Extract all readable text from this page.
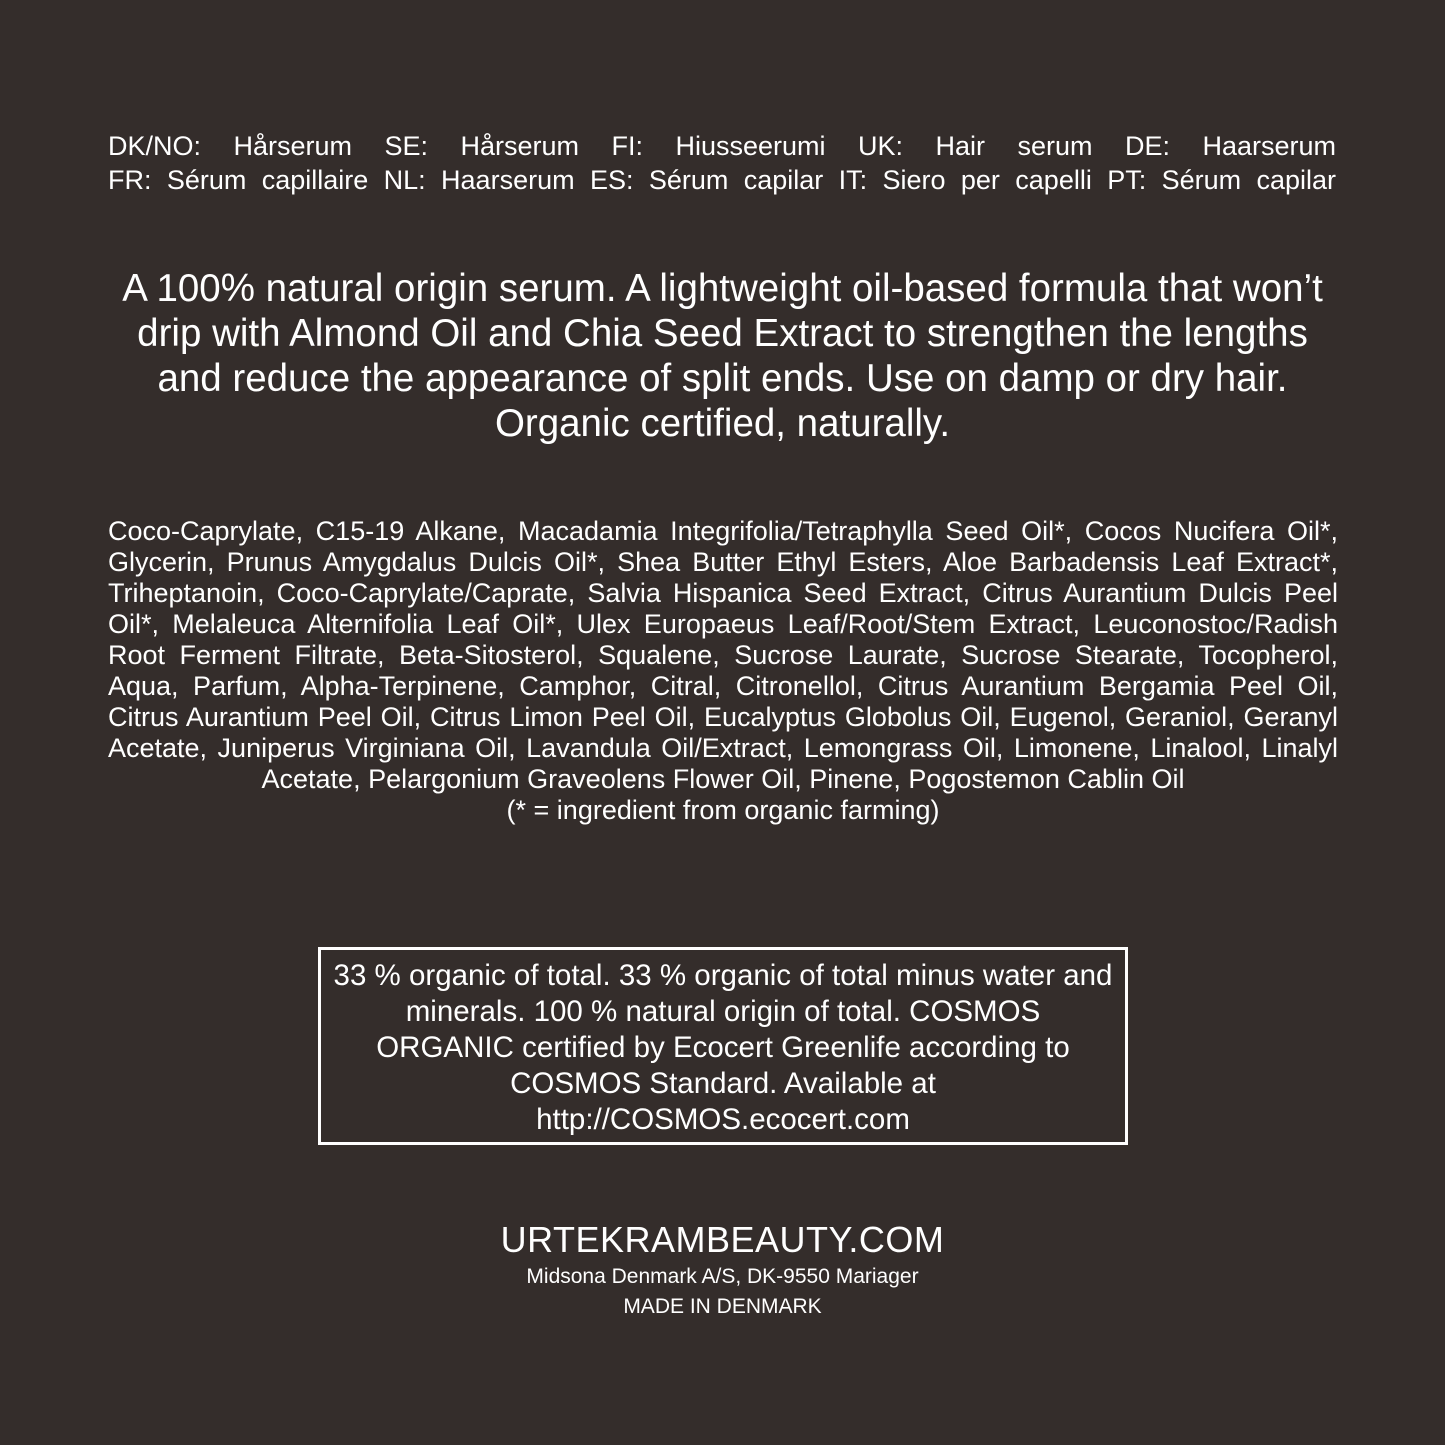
DK/NO: Hårserum SE: Hårserum FI: Hiusseerumi UK: Hair serum DE: Haarserum
FR: Sérum capillaire NL: Haarserum ES: Sérum capilar IT: Siero per capelli PT: Sérum capilar
A 100% natural origin serum. A lightweight oil-based formula that won’t drip with Almond Oil and Chia Seed Extract to strengthen the lengths and reduce the appearance of split ends. Use on damp or dry hair. Organic certified, naturally.
Coco-Caprylate, C15-19 Alkane, Macadamia Integrifolia/Tetraphylla Seed Oil*, Cocos Nucifera Oil*, Glycerin, Prunus Amygdalus Dulcis Oil*, Shea Butter Ethyl Esters, Aloe Barbadensis Leaf Extract*, Triheptanoin, Coco-Caprylate/Caprate, Salvia Hispanica Seed Extract, Citrus Aurantium Dulcis Peel Oil*, Melaleuca Alternifolia Leaf Oil*, Ulex Europaeus Leaf/Root/Stem Extract, Leuconostoc/Radish Root Ferment Filtrate, Beta-Sitosterol, Squalene, Sucrose Laurate, Sucrose Stearate, Tocopherol, Aqua, Parfum, Alpha-Terpinene, Camphor, Citral, Citronellol, Citrus Aurantium Bergamia Peel Oil, Citrus Aurantium Peel Oil, Citrus Limon Peel Oil, Eucalyptus Globolus Oil, Eugenol, Geraniol, Geranyl Acetate, Juniperus Virginiana Oil, Lavandula Oil/Extract, Lemongrass Oil, Limonene, Linalool, Linalyl Acetate, Pelargonium Graveolens Flower Oil, Pinene, Pogostemon Cablin Oil
(* = ingredient from organic farming)
33 % organic of total. 33 % organic of total minus water and minerals. 100 % natural origin of total. COSMOS ORGANIC certified by Ecocert Greenlife according to COSMOS Standard. Available at http://COSMOS.ecocert.com
URTEKRAMBEAUTY.COM
Midsona Denmark A/S, DK-9550 Mariager
MADE IN DENMARK
